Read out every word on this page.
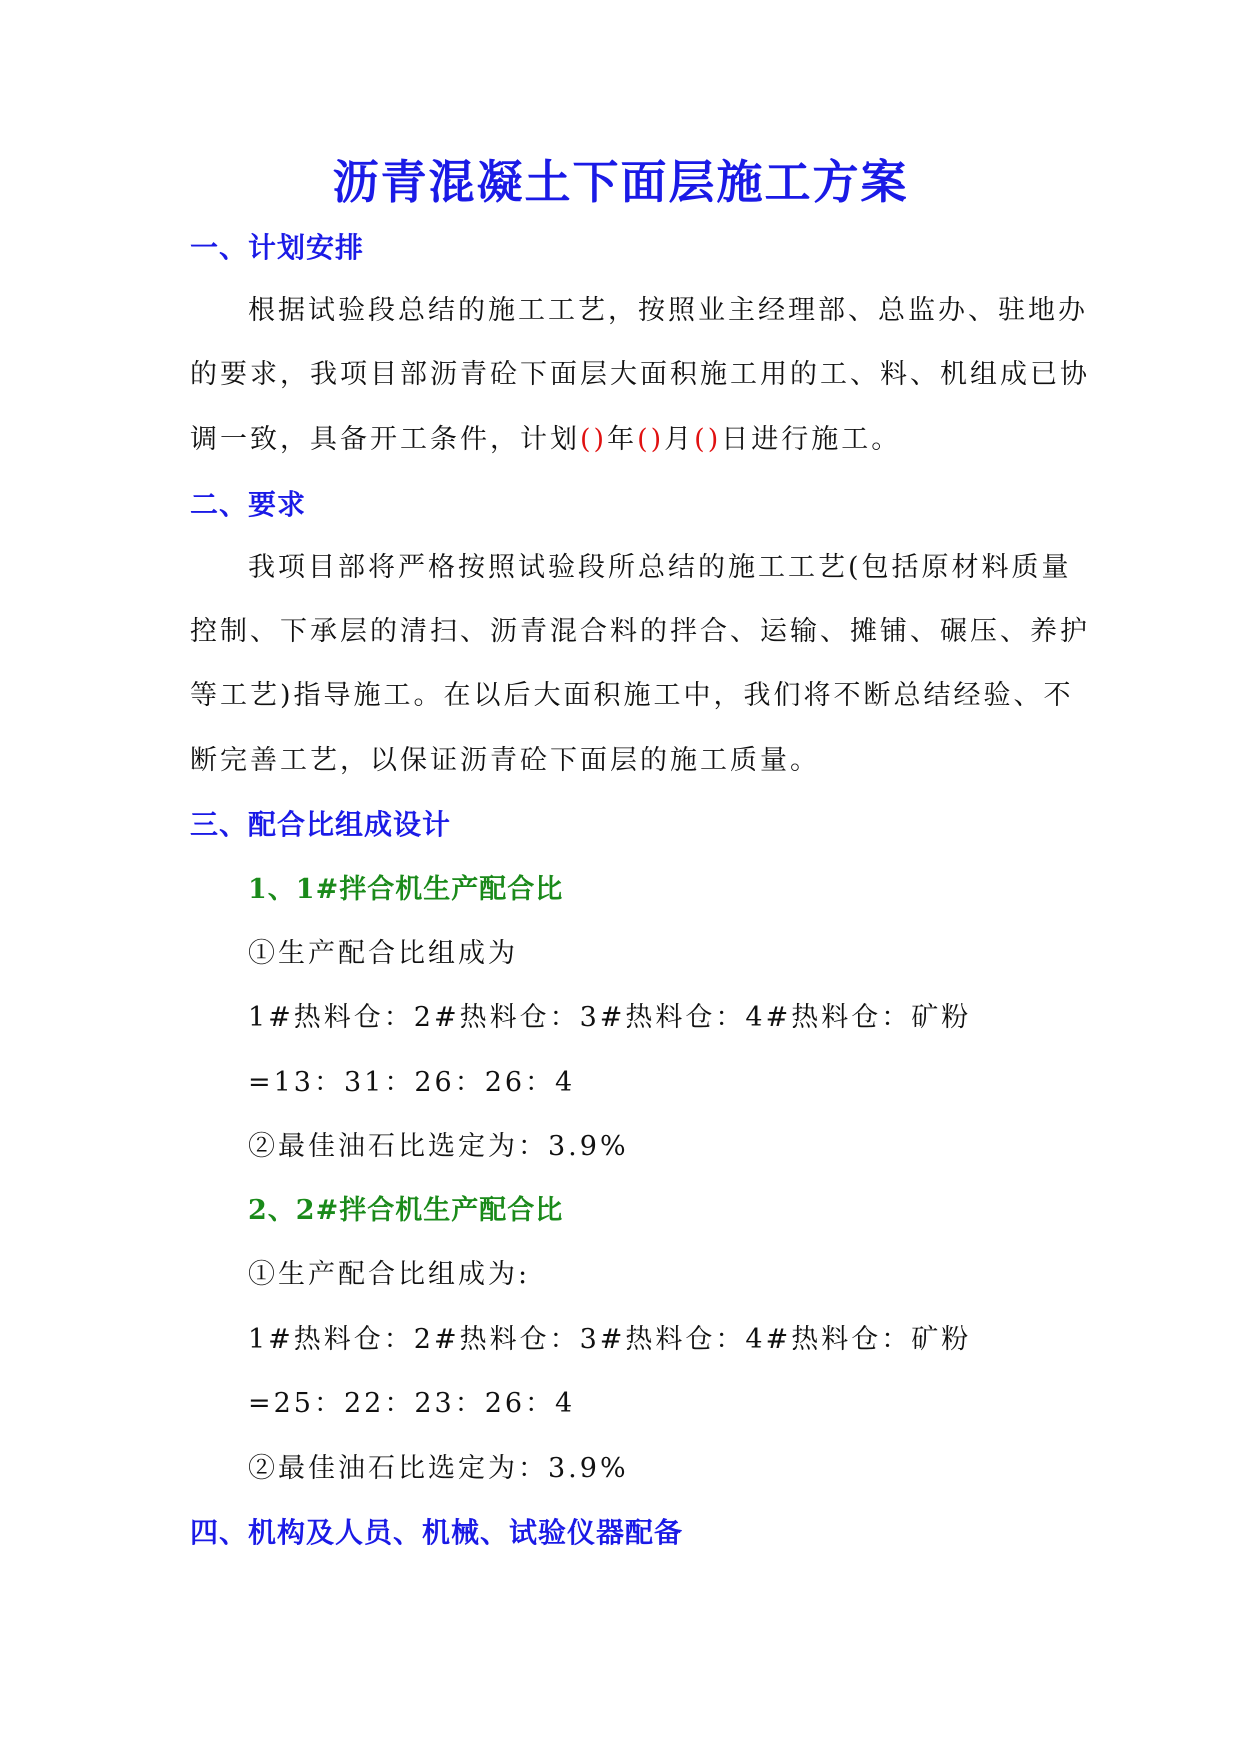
沥青混凝土下面层施工方案
一、计划安排
根据试验段总结的施工工艺，按照业主经理部、总监办、驻地办
的要求，我项目部沥青砼下面层大面积施工用的工、料、机组成已协
调一致，具备开工条件，计划()年()月()日进行施工。
二、要求
我项目部将严格按照试验段所总结的施工工艺(包括原材料质量
控制、下承层的清扫、沥青混合料的拌合、运输、摊铺、碾压、养护
等工艺)指导施工。在以后大面积施工中，我们将不断总结经验、不
断完善工艺，以保证沥青砼下面层的施工质量。
三、配合比组成设计
1、1#拌合机生产配合比
①生产配合比组成为
1#热料仓：2#热料仓：3#热料仓：4#热料仓：矿粉
=13：31：26：26：4
②最佳油石比选定为：3.9%
2、2#拌合机生产配合比
①生产配合比组成为:
1#热料仓：2#热料仓：3#热料仓：4#热料仓：矿粉
=25：22：23：26：4
②最佳油石比选定为：3.9%
四、机构及人员、机械、试验仪器配备
